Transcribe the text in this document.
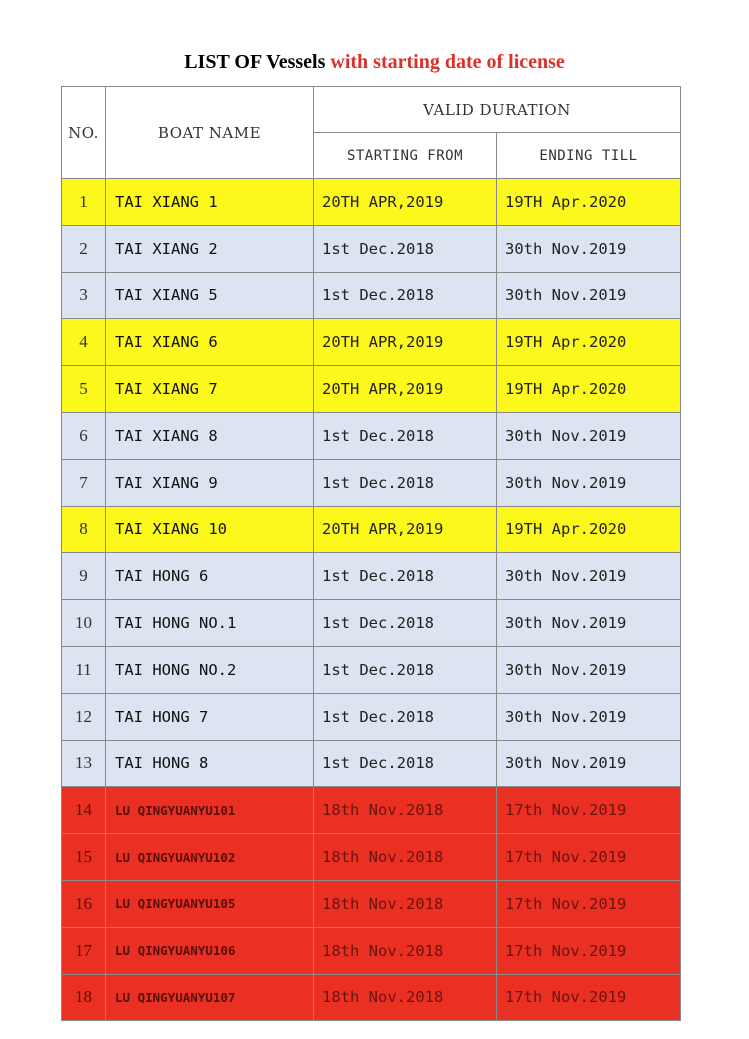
LIST OF Vessels with starting date of license
NO.	BOAT NAME	VALID DURATION	
		STARTING FROM	ENDING TILL
1	TAI XIANG 1	20TH APR,2019	19TH Apr.2020
2	TAI XIANG 2	1st Dec.2018	30th Nov.2019
3	TAI XIANG 5	1st Dec.2018	30th Nov.2019
4	TAI XIANG 6	20TH APR,2019	19TH Apr.2020
5	TAI XIANG 7	20TH APR,2019	19TH Apr.2020
6	TAI XIANG 8	1st Dec.2018	30th Nov.2019
7	TAI XIANG 9	1st Dec.2018	30th Nov.2019
8	TAI XIANG 10	20TH APR,2019	19TH Apr.2020
9	TAI HONG 6	1st Dec.2018	30th Nov.2019
10	TAI HONG NO.1	1st Dec.2018	30th Nov.2019
11	TAI HONG NO.2	1st Dec.2018	30th Nov.2019
12	TAI HONG 7	1st Dec.2018	30th Nov.2019
13	TAI HONG 8	1st Dec.2018	30th Nov.2019
14	LU QINGYUANYU101	18th Nov.2018	17th Nov.2019
15	LU QINGYUANYU102	18th Nov.2018	17th Nov.2019
16	LU QINGYUANYU105	18th Nov.2018	17th Nov.2019
17	LU QINGYUANYU106	18th Nov.2018	17th Nov.2019
18	LU QINGYUANYU107	18th Nov.2018	17th Nov.2019
